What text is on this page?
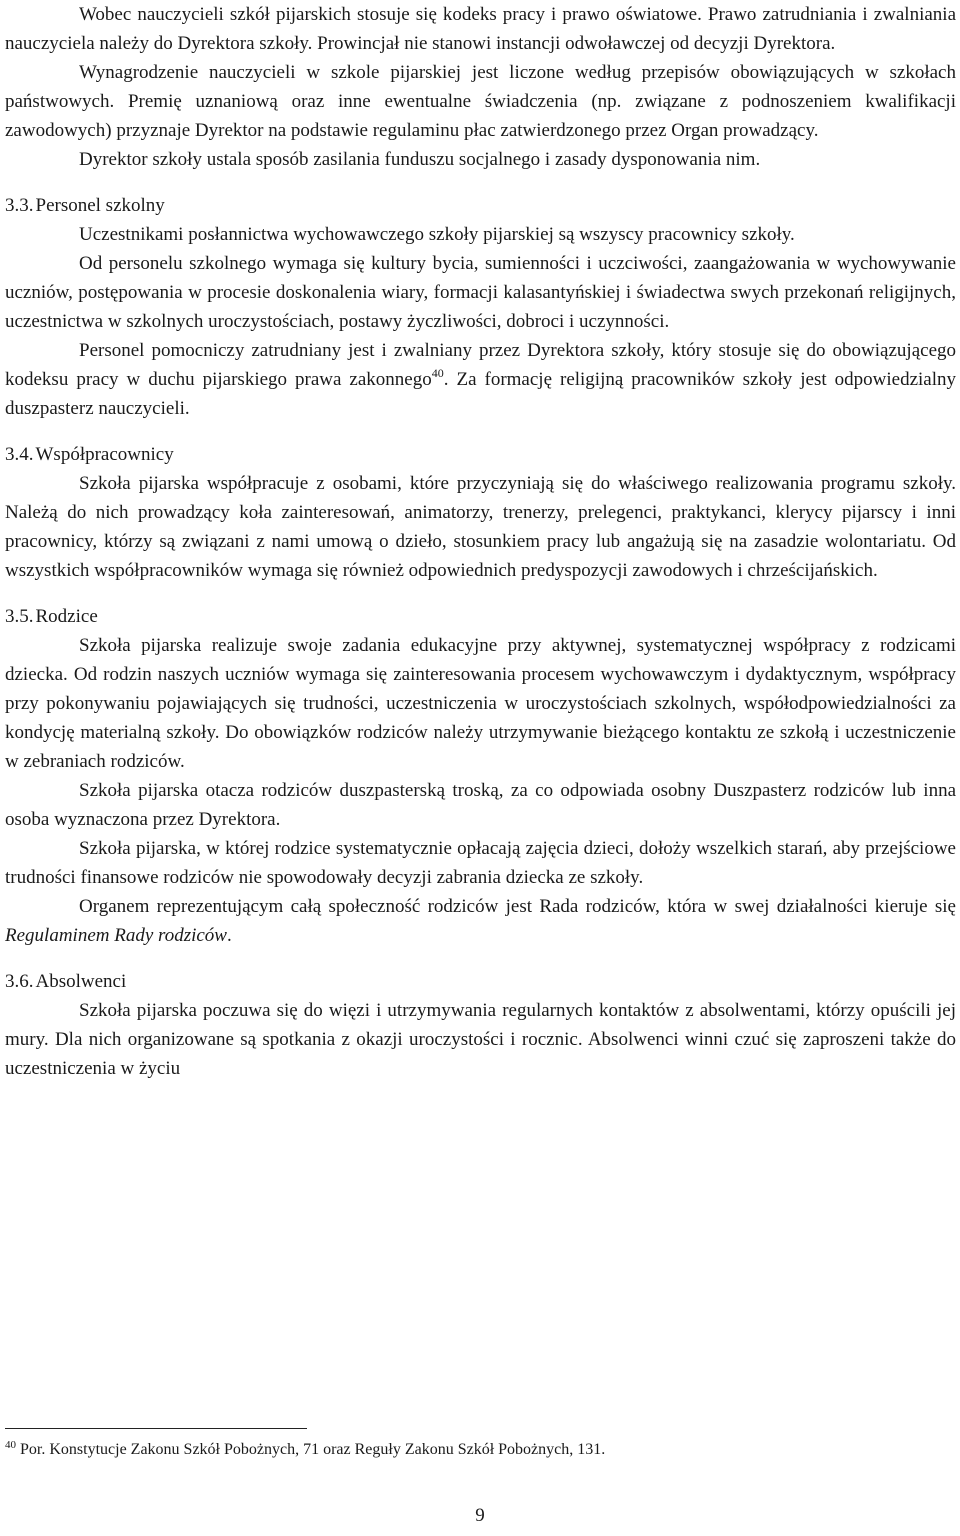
Wobec nauczycieli szkół pijarskich stosuje się kodeks pracy i prawo oświatowe. Prawo zatrudniania i zwalniania nauczyciela należy do Dyrektora szkoły. Prowincjał nie stanowi instancji odwoławczej od decyzji Dyrektora.

Wynagrodzenie nauczycieli w szkole pijarskiej jest liczone według przepisów obowiązujących w szkołach państwowych. Premię uznaniową oraz inne ewentualne świadczenia (np. związane z podnoszeniem kwalifikacji zawodowych) przyznaje Dyrektor na podstawie regulaminu płac zatwierdzonego przez Organ prowadzący.

Dyrektor szkoły ustala sposób zasilania funduszu socjalnego i zasady dysponowania nim.

3.3. Personel szkolny

Uczestnikami posłannictwa wychowawczego szkoły pijarskiej są wszyscy pracownicy szkoły.

Od personelu szkolnego wymaga się kultury bycia, sumienności i uczciwości, zaangażowania w wychowywanie uczniów, postępowania w procesie doskonalenia wiary, formacji kalasantyńskiej i świadectwa swych przekonań religijnych, uczestnictwa w szkolnych uroczystościach, postawy życzliwości, dobroci i uczynności.

Personel pomocniczy zatrudniany jest i zwalniany przez Dyrektora szkoły, który stosuje się do obowiązującego kodeksu pracy w duchu pijarskiego prawa zakonnego$^{40}$. Za formację religijną pracowników szkoły jest odpowiedzialny duszpasterz nauczycieli.

3.4. Współpracownicy

Szkoła pijarska współpracuje z osobami, które przyczyniają się do właściwego realizowania programu szkoły. Należą do nich prowadzący koła zainteresowań, animatorzy, trenerzy, prelegenci, praktykanci, klerycy pijarscy i inni pracownicy, którzy są związani z nami umową o dzieło, stosunkiem pracy lub angażują się na zasadzie wolontariatu. Od wszystkich współpracowników wymaga się również odpowiednich predyspozycji zawodowych i chrześcijańskich.

3.5. Rodzice

Szkoła pijarska realizuje swoje zadania edukacyjne przy aktywnej, systematycznej współpracy z rodzicami dziecka. Od rodzin naszych uczniów wymaga się zainteresowania procesem wychowawczym i dydaktycznym, współpracy przy pokonywaniu pojawiających się trudności, uczestniczenia w uroczystościach szkolnych, współodpowiedzialności za kondycję materialną szkoły. Do obowiązków rodziców należy utrzymywanie bieżącego kontaktu ze szkołą i uczestniczenie w zebraniach rodziców.

Szkoła pijarska otacza rodziców duszpasterską troską, za co odpowiada osobny Duszpasterz rodziców lub inna osoba wyznaczona przez Dyrektora.

Szkoła pijarska, w której rodzice systematycznie opłacają zajęcia dzieci, dołoży wszelkich starań, aby przejściowe trudności finansowe rodziców nie spowodowały decyzji zabrania dziecka ze szkoły.

Organem reprezentującym całą społeczność rodziców jest Rada rodziców, która w swej działalności kieruje się Regulaminem Rady rodziców.

3.6. Absolwenci

Szkoła pijarska poczuwa się do więzi i utrzymywania regularnych kontaktów z absolwentami, którzy opuścili jej mury. Dla nich organizowane są spotkania z okazji uroczystości i rocznic. Absolwenci winni czuć się zaproszeni także do uczestniczenia w życiu

$^{40}$ Por. Konstytucje Zakonu Szkół Pobożnych, 71 oraz Reguły Zakonu Szkół Pobożnych, 131.
9
